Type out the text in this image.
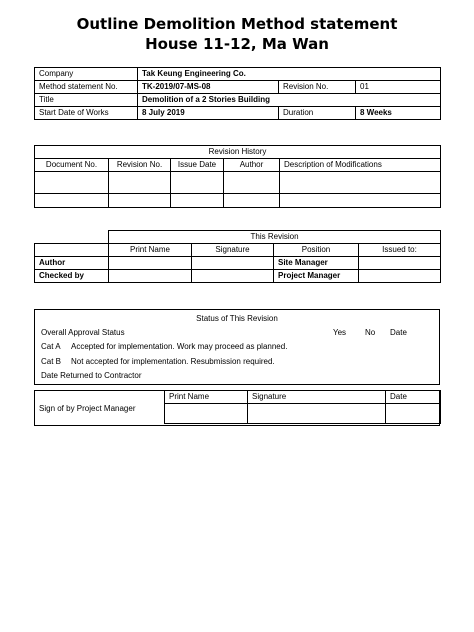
Outline Demolition Method statement
House 11-12, Ma Wan
Company	Tak Keung Engineering Co.		
Method statement No.	TK-2019/07-MS-08	Revision No.	01
Title	Demolition of a 2 Stories Building		
Start Date of Works	8 July 2019	Duration	8 Weeks
Revision History				
Document No.	Revision No.	Issue Date	Author	Description of Modifications

	This Revision			
	Print Name	Signature	Position	Issued to:
Author			Site Manager	
Checked by			Project Manager	
Status of This Revision
Overall Approval Status	Yes No Date
Cat A Accepted for implementation. Work may proceed as planned.
Cat B Not accepted for implementation. Resubmission required.
Date Returned to Contractor
Sign of by Project Manager
Print Name	Signature	Date
